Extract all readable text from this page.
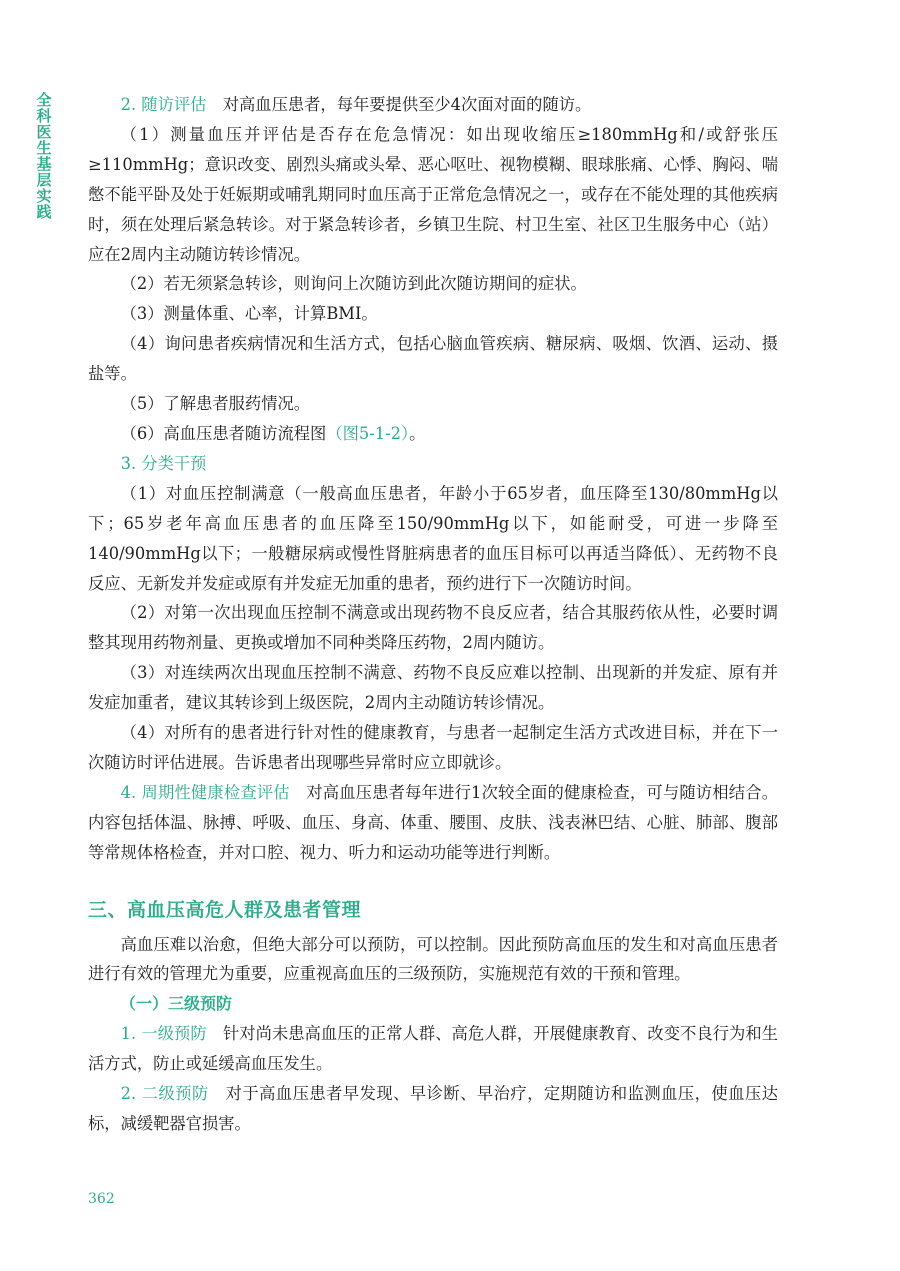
全科医生基层实践

2. 随访评估　 对高血压患者，每年要提供至少4次面对面的随访。

（1）测量血压并评估是否存在危急情况：如出现收缩压≥180mmHg和/或舒张压≥110mmHg；意识改变、剧烈头痛或头晕、恶心呕吐、视物模糊、眼球胀痛、心悸、胸闷、喘憋不能平卧及处于妊娠期或哺乳期同时血压高于正常危急情况之一，或存在不能处理的其他疾病时，须在处理后紧急转诊。对于紧急转诊者，乡镇卫生院、村卫生室、社区卫生服务中心（站）应在2周内主动随访转诊情况。

（2）若无须紧急转诊，则询问上次随访到此次随访期间的症状。

（3）测量体重、心率，计算BMI。

（4）询问患者疾病情况和生活方式，包括心脑血管疾病、糖尿病、吸烟、饮酒、运动、摄盐等。

（5）了解患者服药情况。

（6）高血压患者随访流程图（图5-1-2）。

3. 分类干预

（1）对血压控制满意（一般高血压患者，年龄小于65岁者，血压降至130/80mmHg以下；65岁老年高血压患者的血压降至150/90mmHg以下，如能耐受，可进一步降至140/90mmHg以下；一般糖尿病或慢性肾脏病患者的血压目标可以再适当降低）、无药物不良反应、无新发并发症或原有并发症无加重的患者，预约进行下一次随访时间。

（2）对第一次出现血压控制不满意或出现药物不良反应者，结合其服药依从性，必要时调整其现用药物剂量、更换或增加不同种类降压药物，2周内随访。

（3）对连续两次出现血压控制不满意、药物不良反应难以控制、出现新的并发症、原有并发症加重者，建议其转诊到上级医院，2周内主动随访转诊情况。

（4）对所有的患者进行针对性的健康教育，与患者一起制定生活方式改进目标，并在下一次随访时评估进展。告诉患者出现哪些异常时应立即就诊。

4. 周期性健康检查评估　 对高血压患者每年进行1次较全面的健康检查，可与随访相结合。内容包括体温、脉搏、呼吸、血压、身高、体重、腰围、皮肤、浅表淋巴结、心脏、肺部、腹部等常规体格检查，并对口腔、视力、听力和运动功能等进行判断。

三、高血压高危人群及患者管理

高血压难以治愈，但绝大部分可以预防，可以控制。因此预防高血压的发生和对高血压患者进行有效的管理尤为重要，应重视高血压的三级预防，实施规范有效的干预和管理。

（一）三级预防

1. 一级预防　 针对尚未患高血压的正常人群、高危人群，开展健康教育、改变不良行为和生活方式，防止或延缓高血压发生。

2. 二级预防　 对于高血压患者早发现、早诊断、早治疗，定期随访和监测血压，使血压达标，减缓靶器官损害。

362
